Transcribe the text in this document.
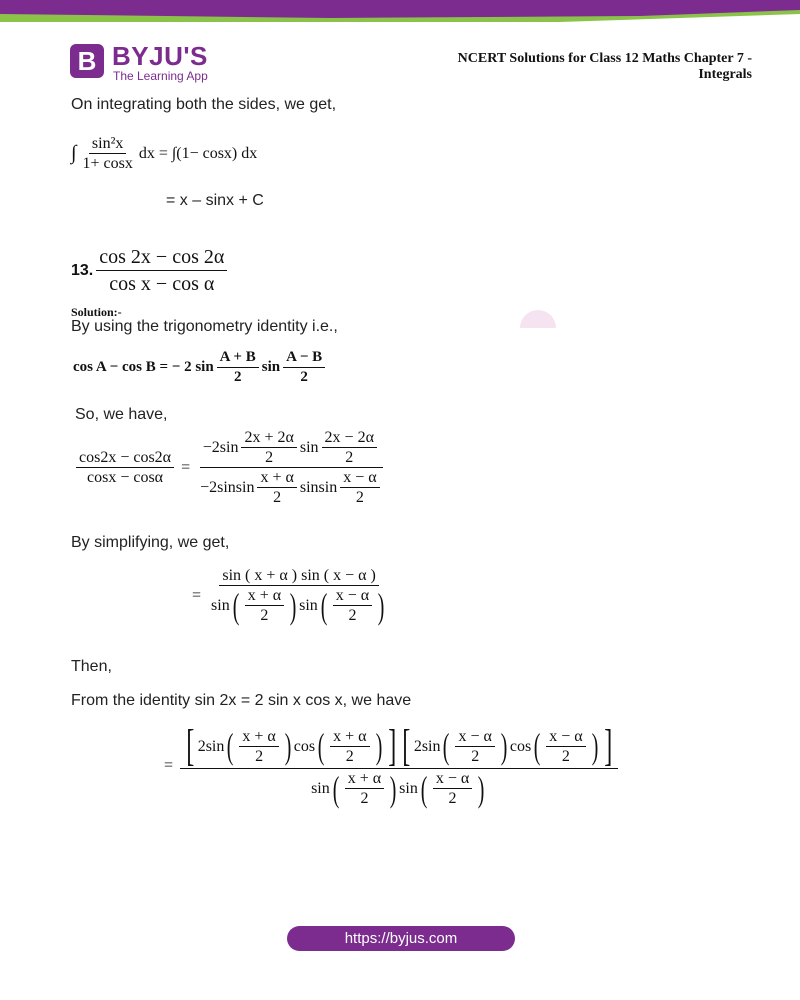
B BYJU'S
The Learning App
NCERT Solutions for Class 12 Maths Chapter 7 -
Integrals
On integrating both the sides, we get,
∫ $\frac{\text{sin²x}}{1+ \cos x}$ dx = ∫(1− cosx) dx
= x – sinx + C
13. $\frac{\cos 2x - \cos 2\alpha}{\text{cos x − cos α}}$
Solution:-
By using the trigonometry identity i.e.,
cos A − cos B = − 2 $\sin \frac{A + B}{2}$ $\sin \frac{A - B}{2}$
So, we have,
$\frac{\cos 2x - \cos 2\alpha}{\cos x - \cos\alpha}$ =
$-2\sin \frac{2x + 2\alpha}{2}$ $\sin \frac{2x - 2\alpha}{2}$
$-2sinsin \frac{x + \alpha}{2}$ sinsin $\frac{x - \alpha}{2}$
By simplifying, we get,
=
sin ( x + α ) sin ( x − α )
sin ( $\frac{x + \alpha}{2}$ ) sin ( $\frac{x - \alpha}{2}$ )
Then,
From the identity sin 2x = 2 sin x cos x, we have
= [ 2sin ( $\frac{x + \alpha}{2}$ ) cos ( $\frac{x + \alpha}{2}$ ) ] [ 2sin ( $\frac{x - \alpha}{2}$ ) cos ( $\frac{x - \alpha}{2}$ ) ]
sin ( $\frac{x + \alpha}{2}$ ) sin ( $\frac{x - \alpha}{2}$ )
https://byjus.com
